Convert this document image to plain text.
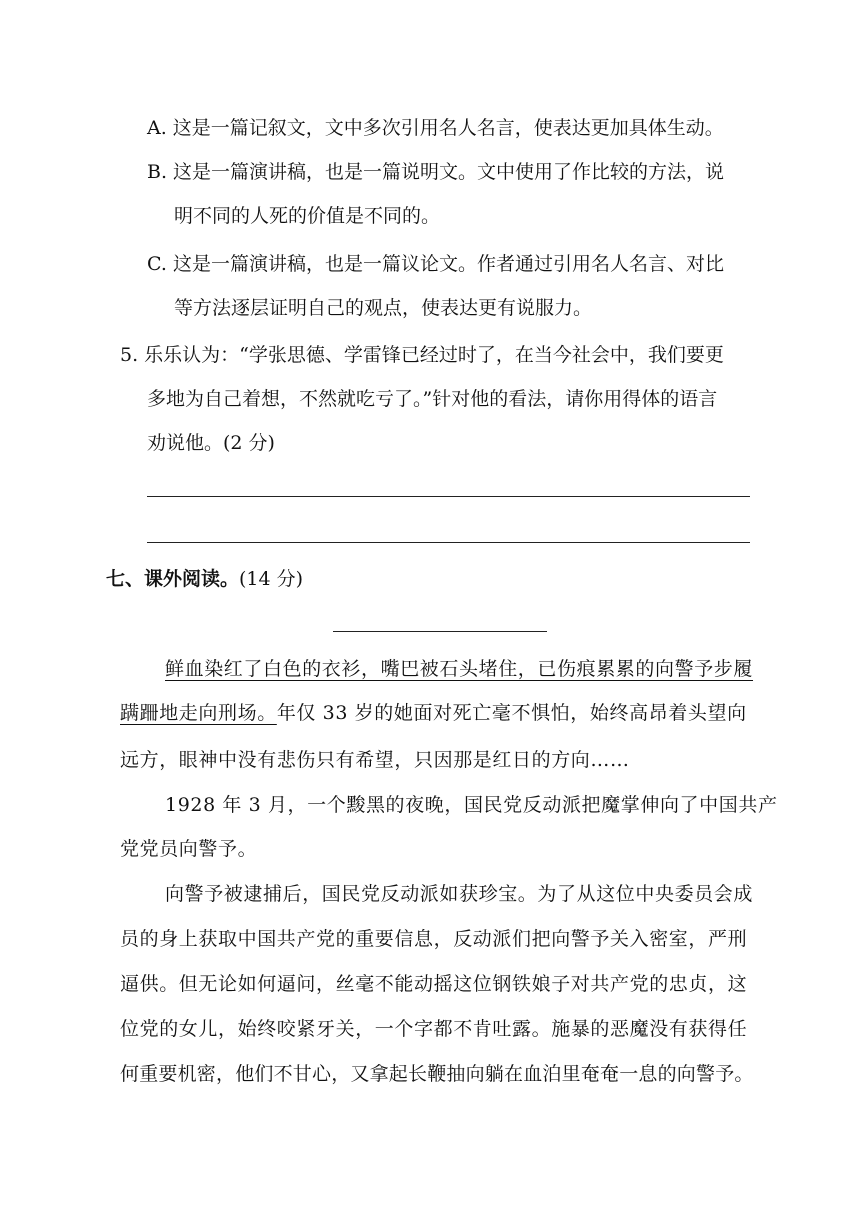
A. 这是一篇记叙文，文中多次引用名人名言，使表达更加具体生动。
B. 这是一篇演讲稿，也是一篇说明文。文中使用了作比较的方法，说
明不同的人死的价值是不同的。
C. 这是一篇演讲稿，也是一篇议论文。作者通过引用名人名言、对比
等方法逐层证明自己的观点，使表达更有说服力。
5. 乐乐认为：“学张思德、学雷锋已经过时了，在当今社会中，我们要更
多地为自己着想，不然就吃亏了。”针对他的看法，请你用得体的语言
劝说他。(2 分)
七、课外阅读。(14 分)
鲜血染红了白色的衣衫，嘴巴被石头堵住，已伤痕累累的向警予步履
蹒跚地走向刑场。年仅 33 岁的她面对死亡毫不惧怕，始终高昂着头望向
远方，眼神中没有悲伤只有希望，只因那是红日的方向……
1928 年 3 月，一个黢黑的夜晚，国民党反动派把魔掌伸向了中国共产
党党员向警予。
向警予被逮捕后，国民党反动派如获珍宝。为了从这位中央委员会成
员的身上获取中国共产党的重要信息，反动派们把向警予关入密室，严刑
逼供。但无论如何逼问，丝毫不能动摇这位钢铁娘子对共产党的忠贞，这
位党的女儿，始终咬紧牙关，一个字都不肯吐露。施暴的恶魔没有获得任
何重要机密，他们不甘心，又拿起长鞭抽向躺在血泊里奄奄一息的向警予。
